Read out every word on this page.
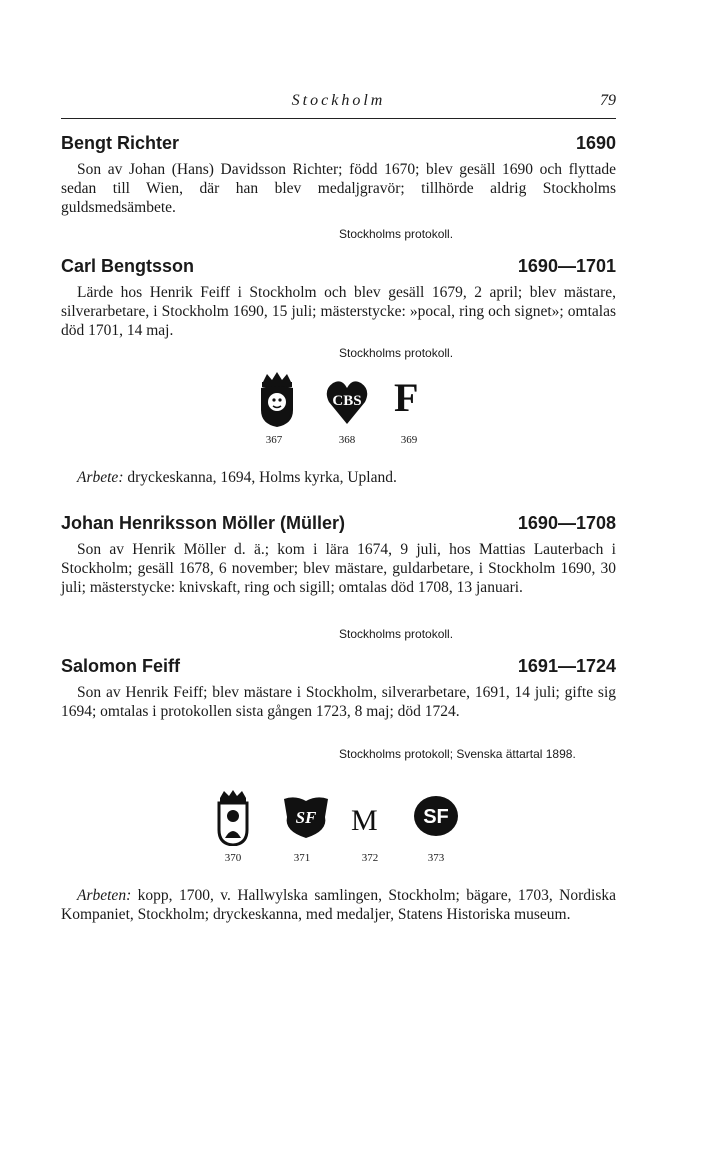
Stockholm	79
Bengt Richter	1690

Son av Johan (Hans) Davidsson Richter; född 1670; blev gesäll 1690 och flyttade sedan till Wien, där han blev medaljgravör; tillhörde aldrig Stockholms guldsmedsämbete.

Stockholms protokoll.
Carl Bengtsson	1690—1701

Lärde hos Henrik Feiff i Stockholm och blev gesäll 1679, 2 april; blev mästare, silverarbetare, i Stockholm 1690, 15 juli; mästerstycke: »pocal, ring och signet»; omtalas död 1701, 14 maj.

Stockholms protokoll.
367
CBS
368
F
369

Arbete: dryckeskanna, 1694, Holms kyrka, Upland.

Johan Henriksson Möller (Müller)	1690—1708

Son av Henrik Möller d. ä.; kom i lära 1674, 9 juli, hos Mattias Lauterbach i Stockholm; gesäll 1678, 6 november; blev mästare, guldarbetare, i Stockholm 1690, 30 juli; mästerstycke: knivskaft, ring och sigill; omtalas död 1708, 13 januari.

Stockholms protokoll.
Salomon Feiff	1691—1724

Son av Henrik Feiff; blev mästare i Stockholm, silverarbetare, 1691, 14 juli; gifte sig 1694; omtalas i protokollen sista gången 1723, 8 maj; död 1724.

Stockholms protokoll; Svenska ättartal 1898.
370
SF
371
M
372
SF
373

Arbeten: kopp, 1700, v. Hallwylska samlingen, Stockholm; bägare, 1703, Nordiska Kompaniet, Stockholm; dryckeskanna, med medaljer, Statens Historiska museum.
